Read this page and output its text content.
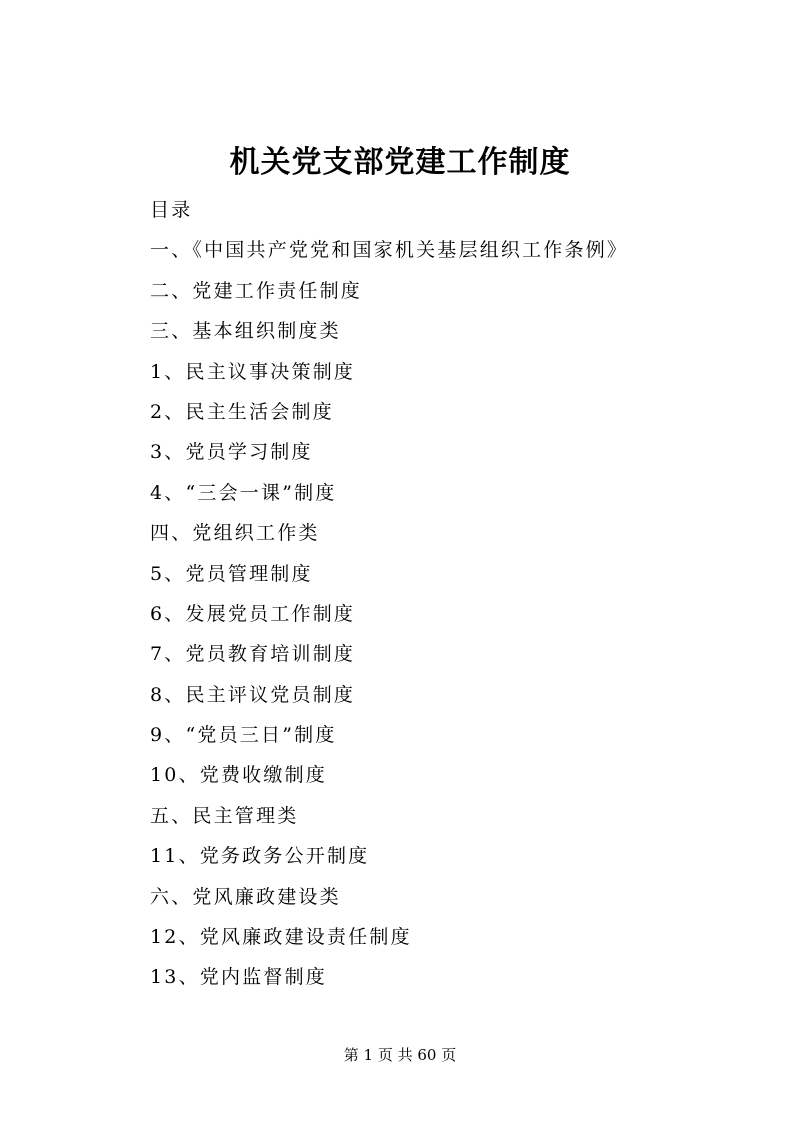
机关党支部党建工作制度
目录
一、《中国共产党党和国家机关基层组织工作条例》
二、党建工作责任制度
三、基本组织制度类
1、民主议事决策制度
2、民主生活会制度
3、党员学习制度
4、“三会一课”制度
四、党组织工作类
5、党员管理制度
6、发展党员工作制度
7、党员教育培训制度
8、民主评议党员制度
9、“党员三日”制度
10、党费收缴制度
五、民主管理类
11、党务政务公开制度
六、党风廉政建设类
12、党风廉政建设责任制度
13、党内监督制度
第 1 页 共 60 页
